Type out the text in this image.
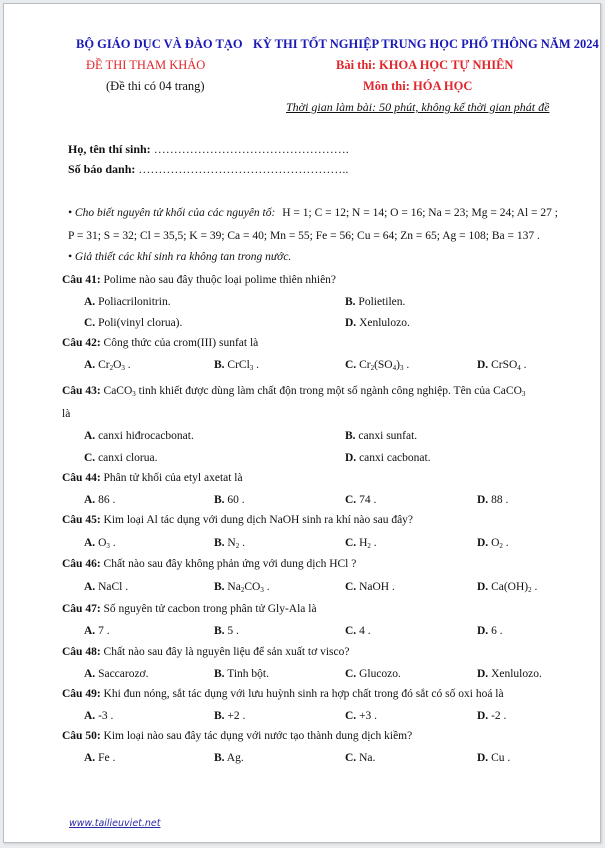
BỘ GIÁO DỤC VÀ ĐÀO TẠO
ĐỀ THI THAM KHẢO
(Đề thi có 04 trang)
KỲ THI TỐT NGHIỆP TRUNG HỌC PHỔ THÔNG NĂM 2024
Bài thi: KHOA HỌC TỰ NHIÊN
Môn thi: HÓA HỌC
Thời gian làm bài: 50 phút, không kể thời gian phát đề
Họ, tên thí sinh: ………………………………………….
Số báo danh: ……………………………………………..
• Cho biết nguyên tử khối của các nguyên tố: H = 1; C = 12; N = 14; O = 16; Na = 23; Mg = 24; Al = 27 ;
P = 31; S = 32; Cl = 35,5; K = 39; Ca = 40; Mn = 55; Fe = 56; Cu = 64; Zn = 65; Ag = 108; Ba = 137 .
• Giả thiết các khí sinh ra không tan trong nước.
Câu 41: Polime nào sau đây thuộc loại polime thiên nhiên?
A. Poliacrilonitrin.	B. Polietilen.
C. Poli(vinyl clorua).	D. Xenlulozo.
Câu 42: Công thức của crom(III) sunfat là
A. $Cr_2O_3$ .	B. CrCl$_3$ .	C. $Cr_2(SO_4)_3$ .	D. CrSO$_4$ .
Câu 43: CaCO$_3$ tinh khiết được dùng làm chất độn trong một số ngành công nghiệp. Tên của CaCO$_3$
là
A. canxi hiđrocacbonat.	B. canxi sunfat.
C. canxi clorua.	D. canxi cacbonat.
Câu 44: Phân tử khối của etyl axetat là
A. 86 .	B. 60 .	C. 74 .	D. 88 .
Câu 45: Kim loại Al tác dụng với dung dịch NaOH sinh ra khí nào sau đây?
A. $O_3$ .	B. $N_2$ .	C. $H_2$ .	D. $O_2$ .
Câu 46: Chất nào sau đây không phản ứng với dung dịch HCl ?
A. NaCl .	B. $Na_2CO_3$ .	C. NaOH .	D. $Ca(OH)_2$ .
Câu 47: Số nguyên tử cacbon trong phân tử Gly-Ala là
A. 7 .	B. 5 .	C. 4 .	D. 6 .
Câu 48: Chất nào sau đây là nguyên liệu để sản xuất tơ visco?
A. Saccarozơ.	B. Tinh bột.	C. Glucozo.	D. Xenlulozo.
Câu 49: Khi đun nóng, sắt tác dụng với lưu huỳnh sinh ra hợp chất trong đó sắt có số oxi hoá là
A. -3 .	B. +2 .	C. +3 .	D. -2 .
Câu 50: Kim loại nào sau đây tác dụng với nước tạo thành dung dịch kiềm?
A. Fe .	B. Ag.	C. Na.	D. Cu .
www.tailieuviet.net
